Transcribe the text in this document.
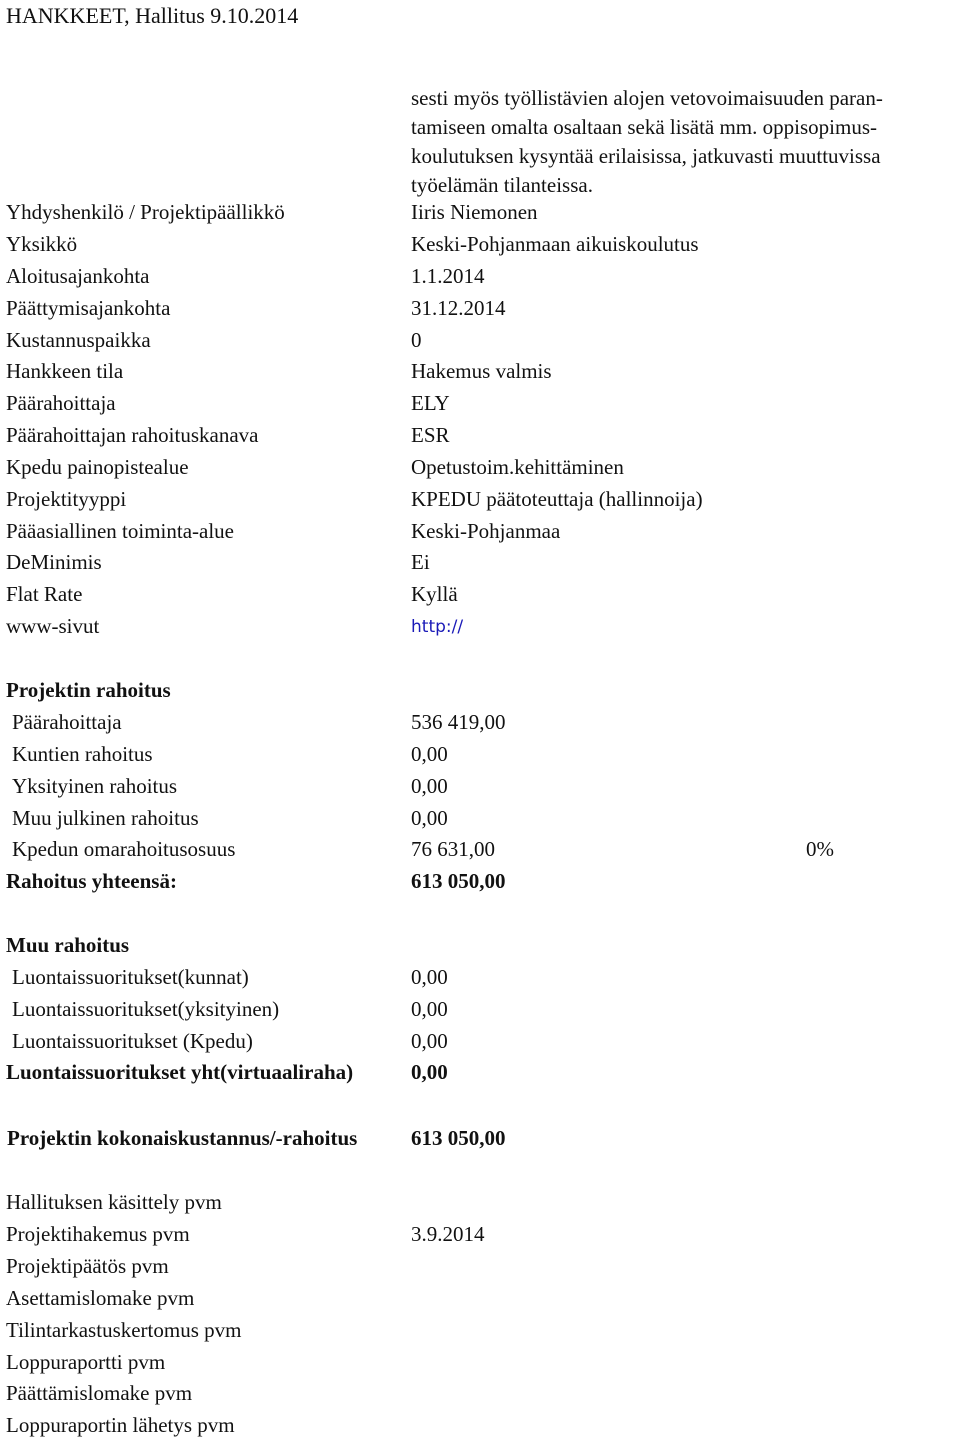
HANKKEET, Hallitus 9.10.2014
sesti myös työllistävien alojen vetovoimaisuuden paran-
tamiseen omalta osaltaan sekä lisätä mm. oppisopimus-
koulutuksen kysyntää erilaisissa, jatkuvasti muuttuvissa
työelämän tilanteissa.
Yhdyshenkilö / Projektipäällikkö	Iiris Niemonen
Yksikkö	Keski-Pohjanmaan aikuiskoulutus
Aloitusajankohta	1.1.2014
Päättymisajankohta	31.12.2014
Kustannuspaikka	0
Hankkeen tila	Hakemus valmis
Päärahoittaja	ELY
Päärahoittajan rahoituskanava	ESR
Kpedu painopistealue	Opetustoim.kehittäminen
Projektityyppi	KPEDU päätoteuttaja (hallinnoija)
Pääasiallinen toiminta-alue	Keski-Pohjanmaa
DeMinimis	Ei
Flat Rate	Kyllä
www-sivut	http://
Projektin rahoitus
Päärahoittaja	536 419,00
Kuntien rahoitus	0,00
Yksityinen rahoitus	0,00
Muu julkinen rahoitus	0,00
Kpedun omarahoitusosuus	76 631,00	0%
Rahoitus yhteensä:	613 050,00
Muu rahoitus
Luontaissuoritukset(kunnat)	0,00
Luontaissuoritukset(yksityinen)	0,00
Luontaissuoritukset (Kpedu)	0,00
Luontaissuoritukset yht(virtuaaliraha)	0,00
Projektin kokonaiskustannus/-rahoitus	613 050,00
Hallituksen käsittely pvm
Projektihakemus pvm	3.9.2014
Projektipäätös pvm
Asettamislomake pvm
Tilintarkastuskertomus pvm
Loppuraportti pvm
Päättämislomake pvm
Loppuraportin lähetys pvm
